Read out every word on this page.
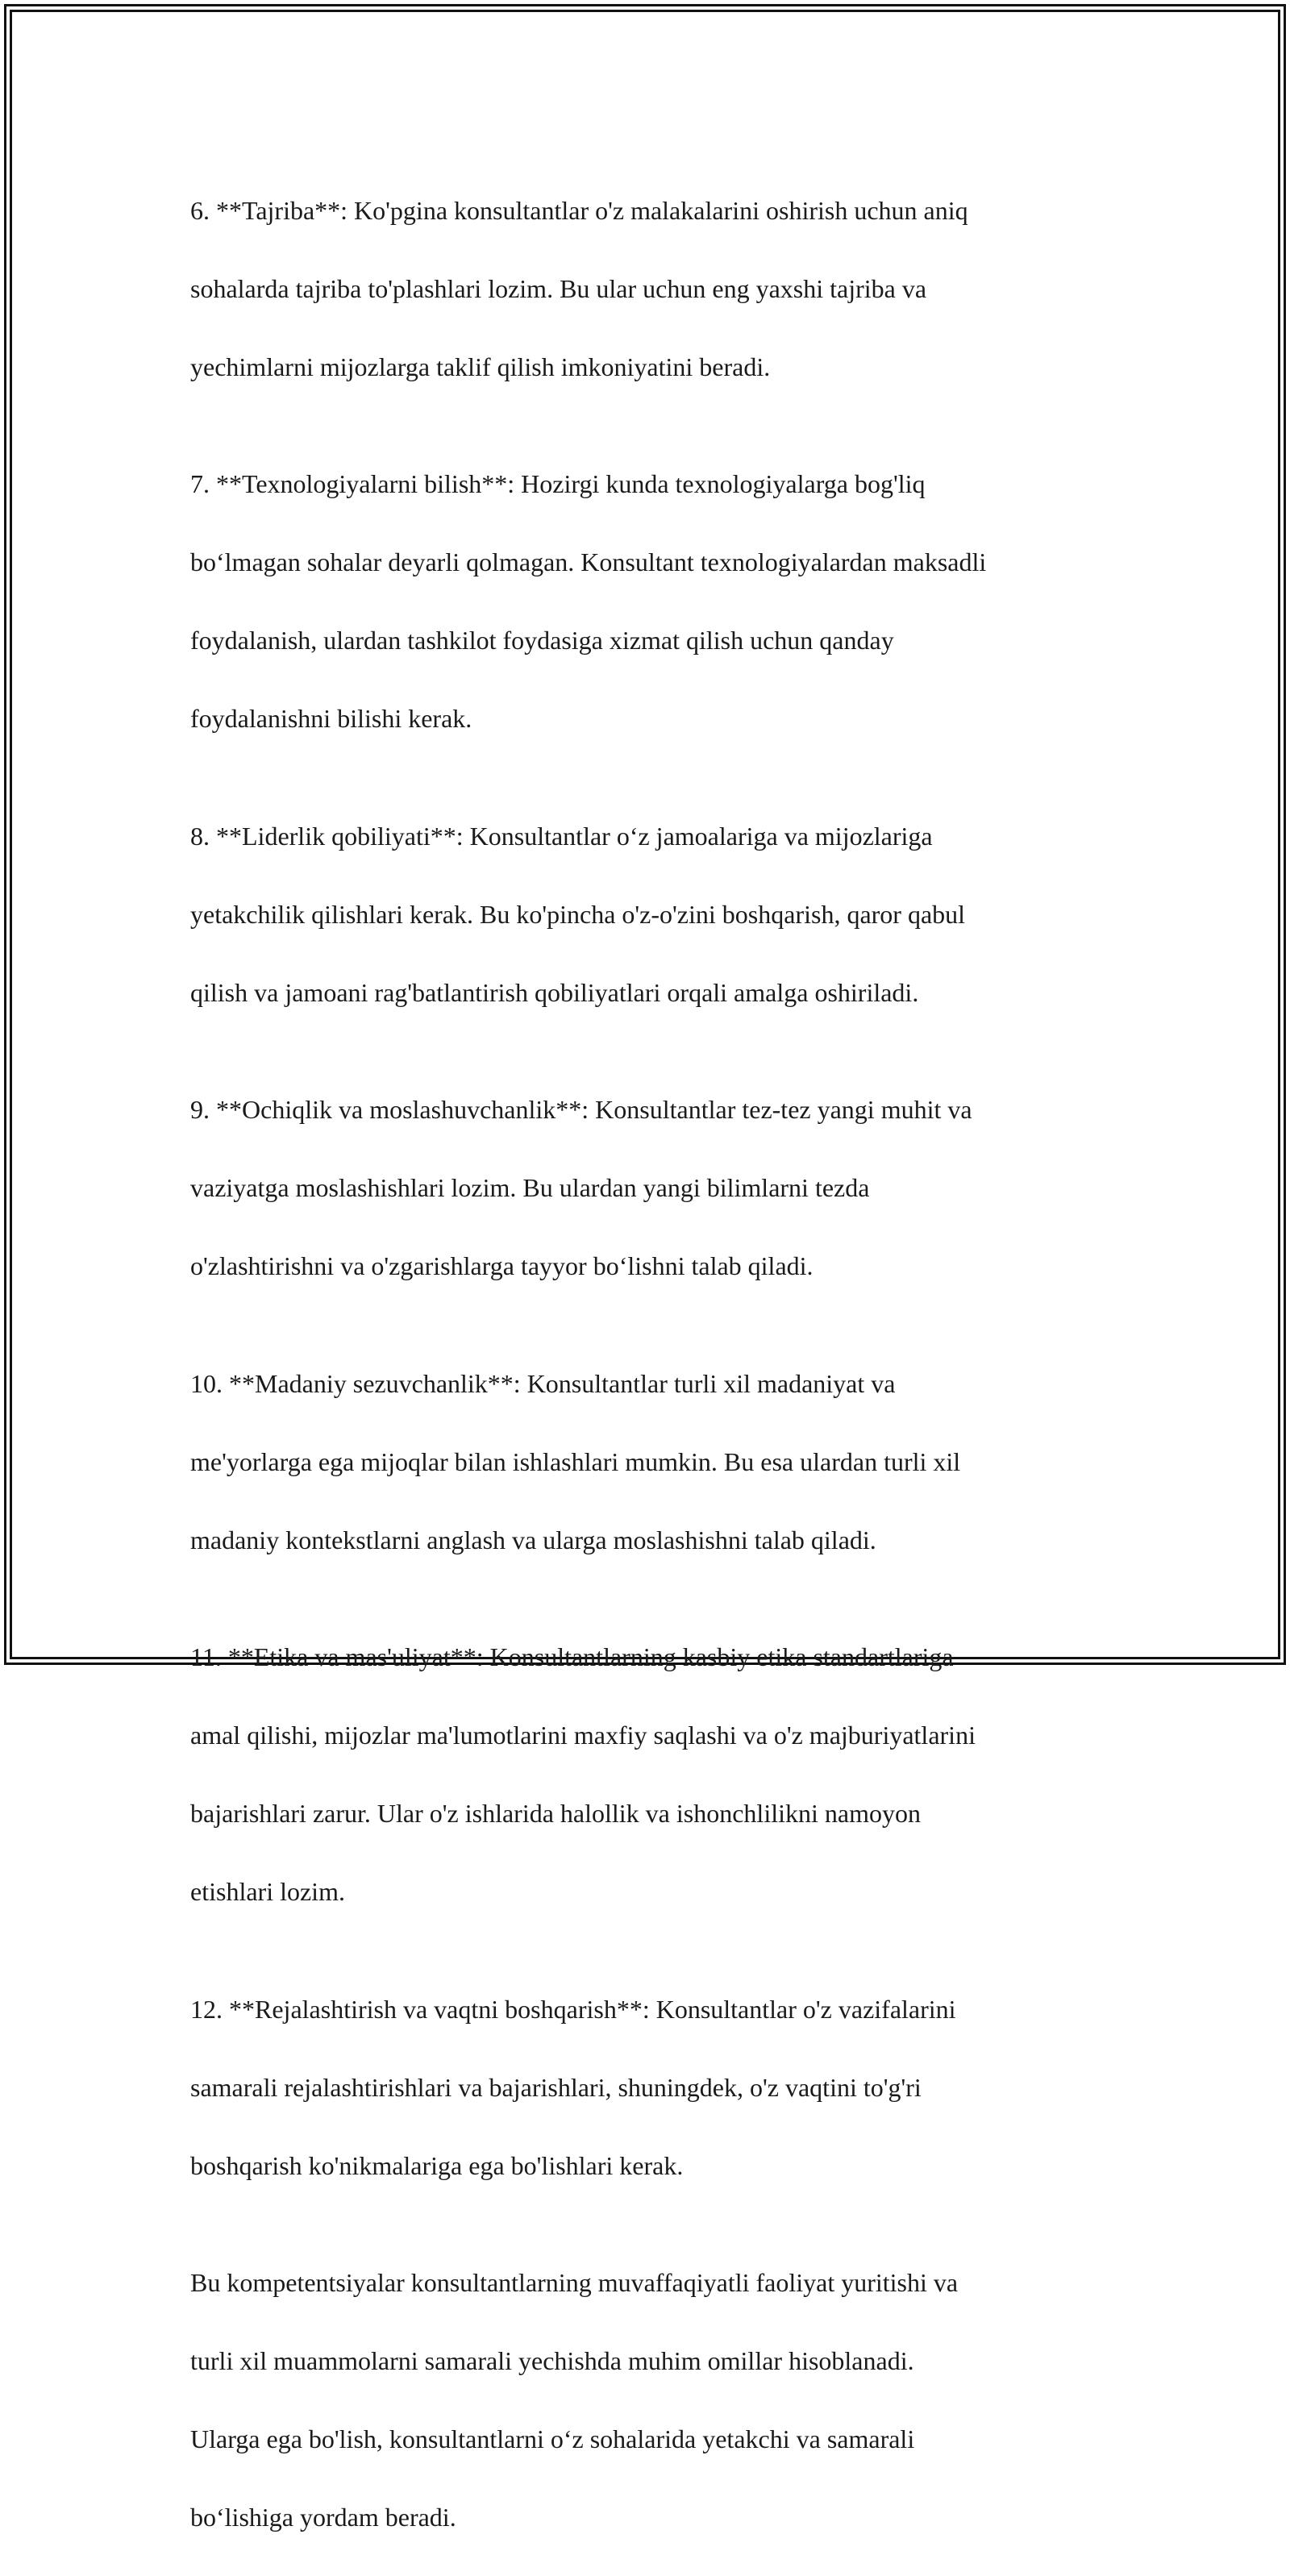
6. **Tajriba**: Ko'pgina konsultantlar o'z malakalarini oshirish uchun aniq

sohalarda tajriba to'plashlari lozim. Bu ular uchun eng yaxshi tajriba va

yechimlarni mijozlarga taklif qilish imkoniyatini beradi.

7. **Texnologiyalarni bilish**: Hozirgi kunda texnologiyalarga bog'liq

bo‘lmagan sohalar deyarli qolmagan. Konsultant texnologiyalardan maksadli

foydalanish, ulardan tashkilot foydasiga xizmat qilish uchun qanday

foydalanishni bilishi kerak.

8. **Liderlik qobiliyati**: Konsultantlar o‘z jamoalariga va mijozlariga

yetakchilik qilishlari kerak. Bu ko'pincha o'z-o'zini boshqarish, qaror qabul

qilish va jamoani rag'batlantirish qobiliyatlari orqali amalga oshiriladi.

9. **Ochiqlik va moslashuvchanlik**: Konsultantlar tez-tez yangi muhit va

vaziyatga moslashishlari lozim. Bu ulardan yangi bilimlarni tezda

o'zlashtirishni va o'zgarishlarga tayyor bo‘lishni talab qiladi.

10. **Madaniy sezuvchanlik**: Konsultantlar turli xil madaniyat va

me'yorlarga ega mijoqlar bilan ishlashlari mumkin. Bu esa ulardan turli xil

madaniy kontekstlarni anglash va ularga moslashishni talab qiladi.

11. **Etika va mas'uliyat**: Konsultantlarning kasbiy etika standartlariga

amal qilishi, mijozlar ma'lumotlarini maxfiy saqlashi va o'z majburiyatlarini

bajarishlari zarur. Ular o'z ishlarida halollik va ishonchlilikni namoyon

etishlari lozim.

12. **Rejalashtirish va vaqtni boshqarish**: Konsultantlar o'z vazifalarini

samarali rejalashtirishlari va bajarishlari, shuningdek, o'z vaqtini to'g'ri

boshqarish ko'nikmalariga ega bo'lishlari kerak.

Bu kompetentsiyalar konsultantlarning muvaffaqiyatli faoliyat yuritishi va

turli xil muammolarni samarali yechishda muhim omillar hisoblanadi.

Ularga ega bo'lish, konsultantlarni o‘z sohalarida yetakchi va samarali

bo‘lishiga yordam beradi.
